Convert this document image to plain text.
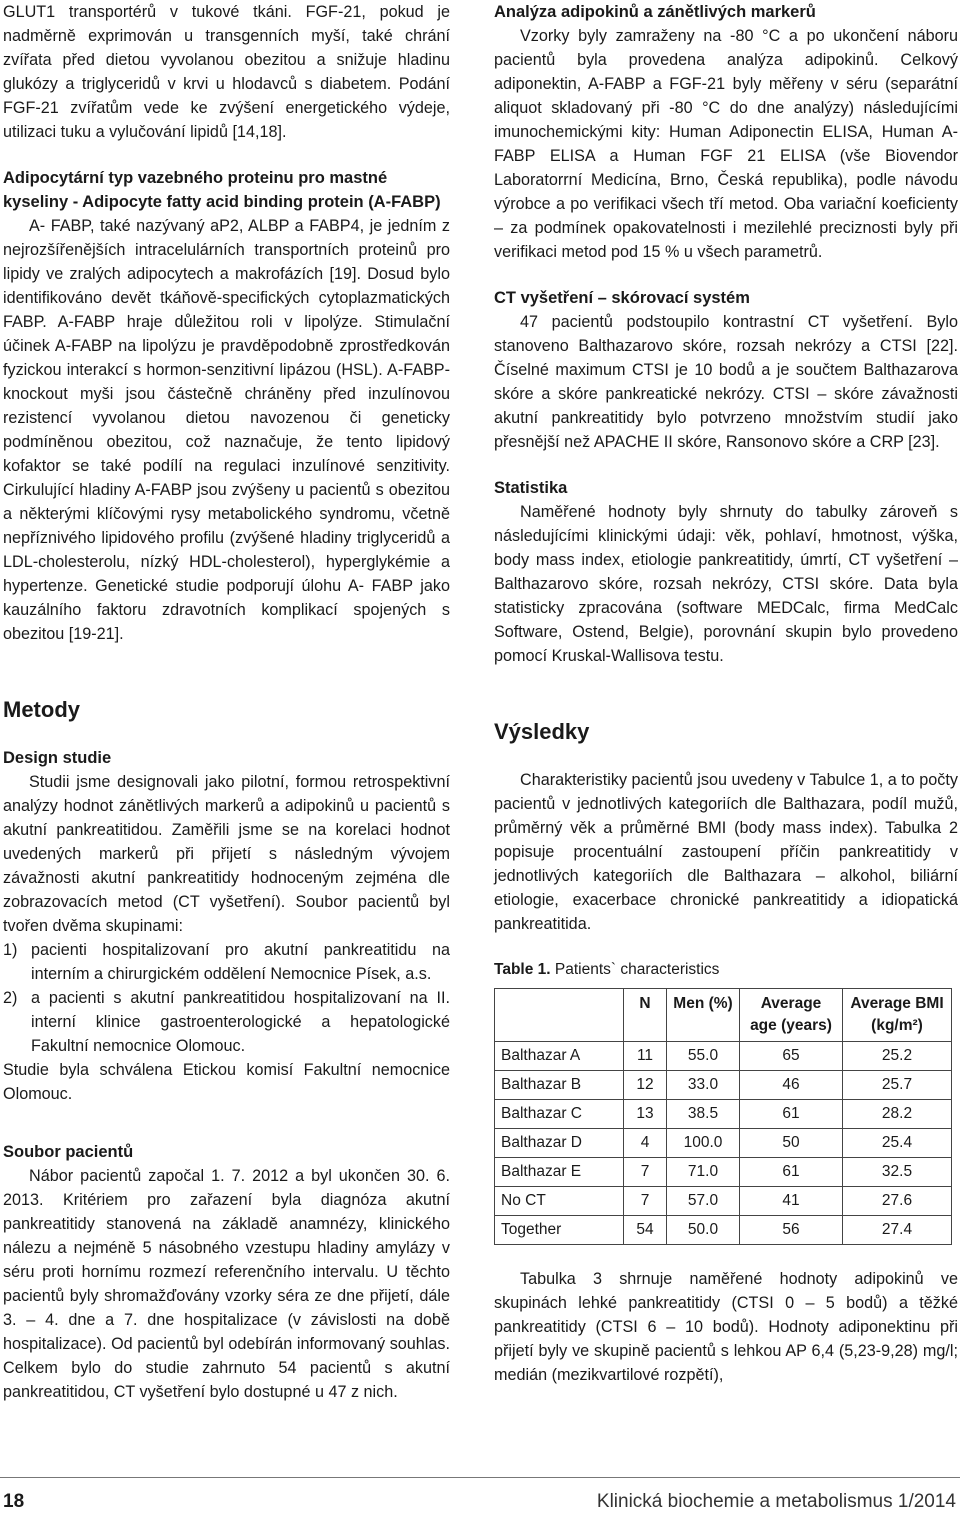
GLUT1 transportérů v tukové tkáni. FGF-21, pokud je nadměrně exprimován u transgenních myší, také chrání zvířata před dietou vyvolanou obezitou a snižuje hladinu glukózy a triglyceridů v krvi u hlodavců s diabetem. Podání FGF-21 zvířatům vede ke zvýšení energetického výdeje, utilizaci tuku a vylučování lipidů [14,18].

Adipocytární typ vazebného proteinu pro mastné kyseliny - Adipocyte fatty acid binding protein (A-FABP)

A- FABP, také nazývaný aP2, ALBP a FABP4, je jedním z nejrozšířenějších intracelulárních transportních proteinů pro lipidy ve zralých adipocytech a makrofázích [19]. Dosud bylo identifikováno devět tkáňově-specifických cytoplazmatických FABP. A-FABP hraje důležitou roli v lipolýze. Stimulační účinek A-FABP na lipolýzu je pravděpodobně zprostředkován fyzickou interakcí s hormon-senzitivní lipázou (HSL). A-FABP-knockout myši jsou částečně chráněny před inzulínovou rezistencí vyvolanou dietou navozenou či geneticky podmíněnou obezitou, což naznačuje, že tento lipidový kofaktor se také podílí na regulaci inzulínové senzitivity. Cirkulující hladiny A-FABP jsou zvýšeny u pacientů s obezitou a některými klíčovými rysy metabolického syndromu, včetně nepříznivého lipidového profilu (zvýšené hladiny triglyceridů a LDL-cholesterolu, nízký HDL-cholesterol), hyperglykémie a hypertenze. Genetické studie podporují úlohu A- FABP jako kauzálního faktoru zdravotních komplikací spojených s obezitou [19-21].

Metody
Design studie

Studii jsme designovali jako pilotní, formou retrospektivní analýzy hodnot zánětlivých markerů a adipokinů u pacientů s akutní pankreatitidou. Zaměřili jsme se na korelaci hodnot uvedených markerů při přijetí s následným vývojem závažnosti akutní pankreatitidy hodnoceným zejména dle zobrazovacích metod (CT vyšetření). Soubor pacientů byl tvořen dvěma skupinami:

1) pacienti hospitalizovaní pro akutní pankreatitidu na interním a chirurgickém oddělení Nemocnice Písek, a.s.
2) a pacienti s akutní pankreatitidou hospitalizovaní na II. interní klinice gastroenterologické a hepatologické Fakultní nemocnice Olomouc.

Studie byla schválena Etickou komisí Fakultní nemocnice Olomouc.

Soubor pacientů

Nábor pacientů započal 1. 7. 2012 a byl ukončen 30. 6. 2013. Kritériem pro zařazení byla diagnóza akutní pankreatitidy stanovená na základě anamnézy, klinického nálezu a nejméně 5 násobného vzestupu hladiny amylázy v séru proti hornímu rozmezí referenčního intervalu. U těchto pacientů byly shromažďovány vzorky séra ze dne přijetí, dále 3. – 4. dne a 7. dne hospitalizace (v závislosti na době hospitalizace). Od pacientů byl odebírán informovaný souhlas. Celkem bylo do studie zahrnuto 54 pacientů s akutní pankreatitidou, CT vyšetření bylo dostupné u 47 z nich.

Analýza adipokinů a zánětlivých markerů

Vzorky byly zamraženy na -80 °C a po ukončení náboru pacientů byla provedena analýza adipokinů. Celkový adiponektin, A-FABP a FGF-21 byly měřeny v séru (separátní aliquot skladovaný při -80 °C do dne analýzy) následujícími imunochemickými kity: Human Adiponectin ELISA, Human A-FABP ELISA a Human FGF 21 ELISA (vše Biovendor Laboratorrní Medicína, Brno, Česká republika), podle návodu výrobce a po verifikaci všech tří metod. Oba variační koeficienty – za podmínek opakovatelnosti i mezilehlé preciznosti byly při verifikaci metod pod 15 % u všech parametrů.

CT vyšetření – skórovací systém

47 pacientů podstoupilo kontrastní CT vyšetření. Bylo stanoveno Balthazarovo skóre, rozsah nekrózy a CTSI [22]. Číselné maximum CTSI je 10 bodů a je součtem Balthazarova skóre a skóre pankreatické nekrózy. CTSI – skóre závažnosti akutní pankreatitidy bylo potvrzeno množstvím studií jako přesnější než APACHE II skóre, Ransonovo skóre a CRP [23].

Statistika

Naměřené hodnoty byly shrnuty do tabulky zároveň s následujícími klinickými údaji: věk, pohlaví, hmotnost, výška, body mass index, etiologie pankreatitidy, úmrtí, CT vyšetření – Balthazarovo skóre, rozsah nekrózy, CTSI skóre. Data byla statisticky zpracována (software MEDCalc, firma MedCalc Software, Ostend, Belgie), porovnání skupin bylo provedeno pomocí Kruskal-Wallisova testu.

Výsledky

Charakteristiky pacientů jsou uvedeny v Tabulce 1, a to počty pacientů v jednotlivých kategoriích dle Balthazara, podíl mužů, průměrný věk a průměrné BMI (body mass index). Tabulka 2 popisuje procentuální zastoupení příčin pankreatitidy v jednotlivých kategoriích dle Balthazara – alkohol, biliární etiologie, exacerbace chronické pankreatitidy a idiopatická pankreatitida.

Table 1. Patients` characteristics
	N	Men (%)	Average age (years)	Average BMI (kg/m²)
Balthazar A	11	55.0	65	25.2
Balthazar B	12	33.0	46	25.7
Balthazar C	13	38.5	61	28.2
Balthazar D	4	100.0	50	25.4
Balthazar E	7	71.0	61	32.5
No CT	7	57.0	41	27.6
Together	54	50.0	56	27.4

Tabulka 3 shrnuje naměřené hodnoty adipokinů ve skupinách lehké pankreatitidy (CTSI 0 – 5 bodů) a těžké pankreatitidy (CTSI 6 – 10 bodů). Hodnoty adiponektinu při přijetí byly ve skupině pacientů s lehkou AP 6,4 (5,23-9,28) mg/l; medián (mezikvartilové rozpětí),

18	Klinická biochemie a metabolismus 1/2014
